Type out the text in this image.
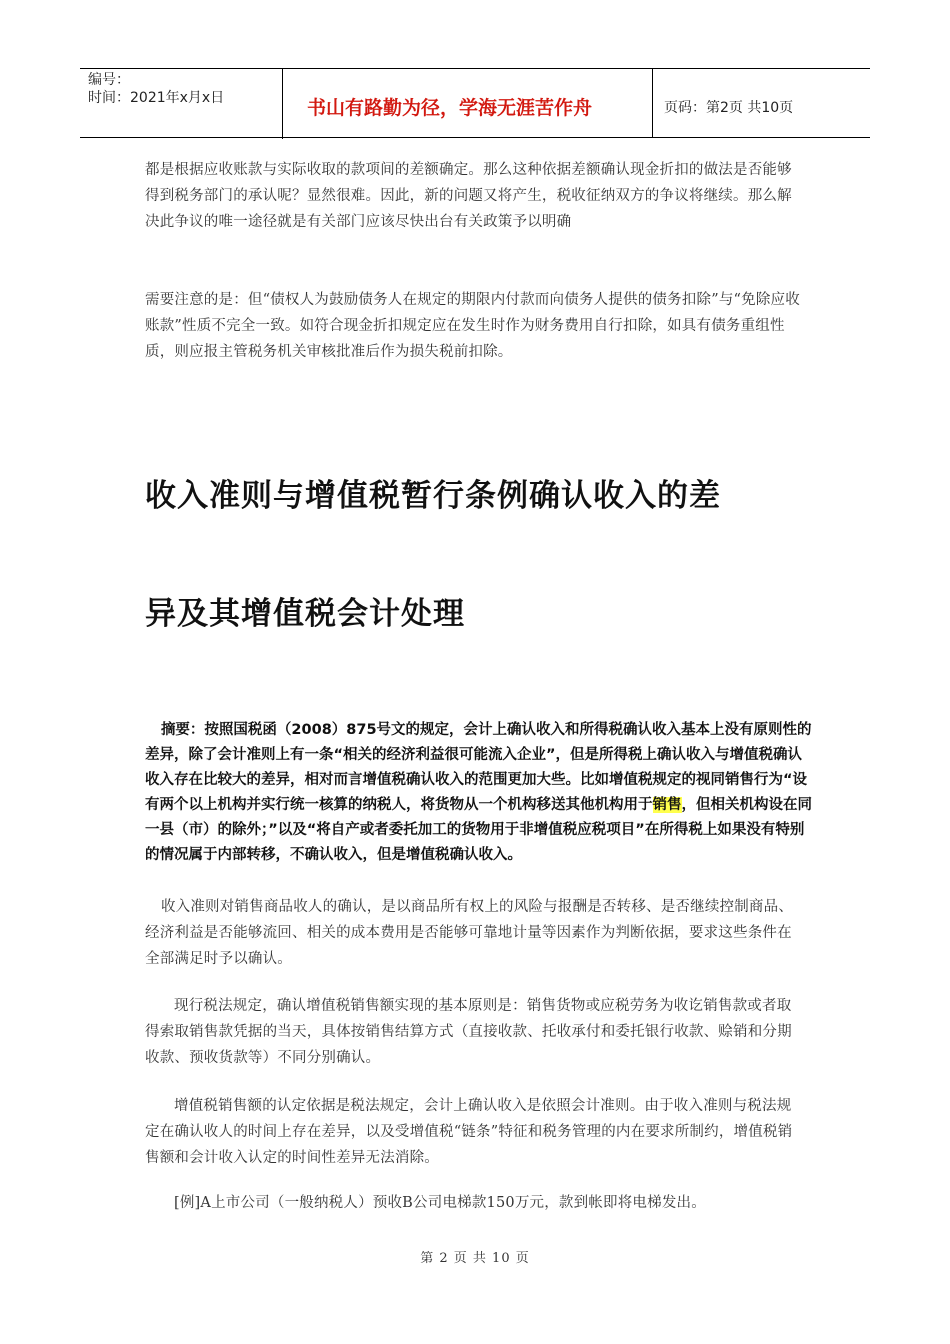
编号：
时间：2021年x月x日	书山有路勤为径，学海无涯苦作舟	页码：第2页 共10页

都是根据应收账款与实际收取的款项间的差额确定。那么这种依据差额确认现金折扣的做法是否能够得到税务部门的承认呢？显然很难。因此，新的问题又将产生，税收征纳双方的争议将继续。那么解决此争议的唯一途径就是有关部门应该尽快出台有关政策予以明确

需要注意的是：但“债权人为鼓励债务人在规定的期限内付款而向债务人提供的债务扣除”与“免除应收账款”性质不完全一致。如符合现金折扣规定应在发生时作为财务费用自行扣除，如具有债务重组性质，则应报主管税务机关审核批准后作为损失税前扣除。

收入准则与增值税暂行条例确认收入的差
异及其增值税会计处理

摘要：按照国税函（2008）875号文的规定，会计上确认收入和所得税确认收入基本上没有原则性的差异，除了会计准则上有一条“相关的经济利益很可能流入企业”，但是所得税上确认收入与增值税确认收入存在比较大的差异，相对而言增值税确认收入的范围更加大些。比如增值税规定的视同销售行为“设有两个以上机构并实行统一核算的纳税人，将货物从一个机构移送其他机构用于销售，但相关机构设在同一县（市）的除外；”以及“将自产或者委托加工的货物用于非增值税应税项目”在所得税上如果没有特别的情况属于内部转移，不确认收入，但是增值税确认收入。

收入准则对销售商品收人的确认，是以商品所有权上的风险与报酬是否转移、是否继续控制商品、经济利益是否能够流回、相关的成本费用是否能够可靠地计量等因素作为判断依据，要求这些条件在全部满足时予以确认。

现行税法规定，确认增值税销售额实现的基本原则是：销售货物或应税劳务为收讫销售款或者取得索取销售款凭据的当天，具体按销售结算方式（直接收款、托收承付和委托银行收款、赊销和分期收款、预收货款等）不同分别确认。

增值税销售额的认定依据是税法规定，会计上确认收入是依照会计准则。由于收入准则与税法规定在确认收人的时间上存在差异，以及受增值税“链条”特征和税务管理的内在要求所制约，增值税销售额和会计收入认定的时间性差异无法消除。

[例]A上市公司（一般纳税人）预收B公司电梯款150万元，款到帐即将电梯发出。

第 2 页 共 10 页
